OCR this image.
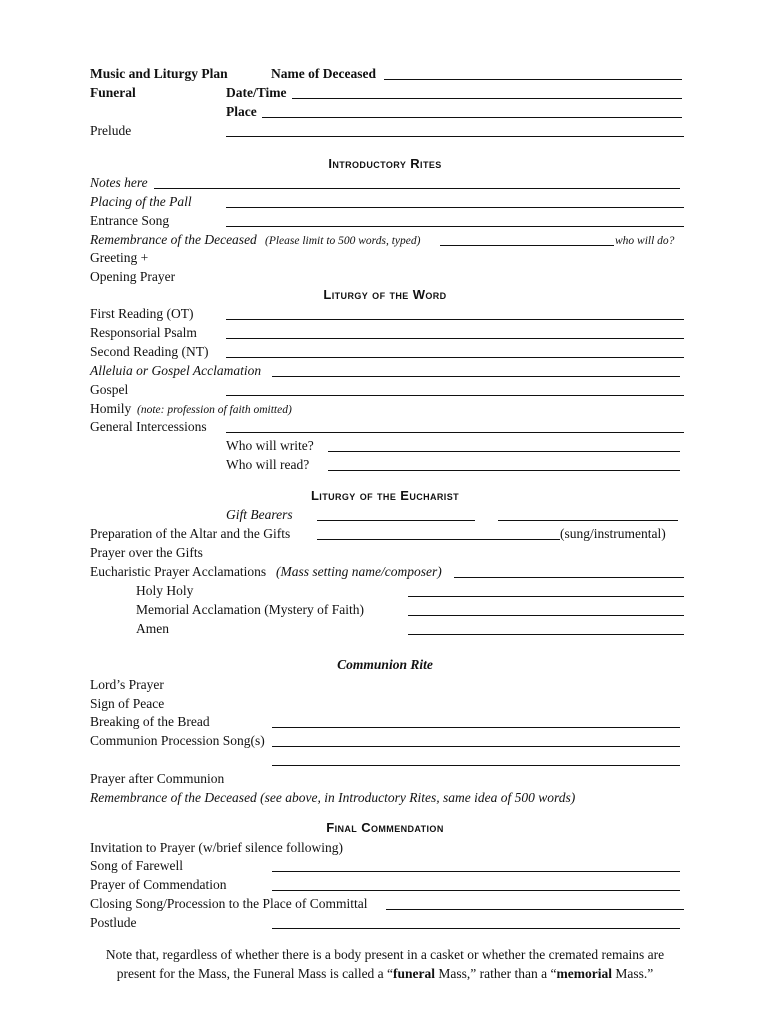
Music and Liturgy Plan	Name of Deceased
Funeral	Date/Time
Place
Prelude
Introductory Rites
Notes here
Placing of the Pall
Entrance Song
Remembrance of the Deceased (Please limit to 500 words, typed)	who will do?
Greeting +
Opening Prayer
Liturgy of the Word
First Reading (OT)
Responsorial Psalm
Second Reading (NT)
Alleluia or Gospel Acclamation
Gospel
Homily (note: profession of faith omitted)
General Intercessions
Who will write?
Who will read?
Liturgy of the Eucharist
Gift Bearers
Preparation of the Altar and the Gifts	(sung/instrumental)
Prayer over the Gifts
Eucharistic Prayer Acclamations (Mass setting name/composer)
Holy Holy
Memorial Acclamation (Mystery of Faith)
Amen
Communion Rite
Lord’s Prayer
Sign of Peace
Breaking of the Bread
Communion Procession Song(s)
Prayer after Communion
Remembrance of the Deceased (see above, in Introductory Rites, same idea of 500 words)
Final Commendation
Invitation to Prayer (w/brief silence following)
Song of Farewell
Prayer of Commendation
Closing Song/Procession to the Place of Committal
Postlude
Note that, regardless of whether there is a body present in a casket or whether the cremated remains are
present for the Mass, the Funeral Mass is called a “funeral Mass,” rather than a “memorial Mass.”
